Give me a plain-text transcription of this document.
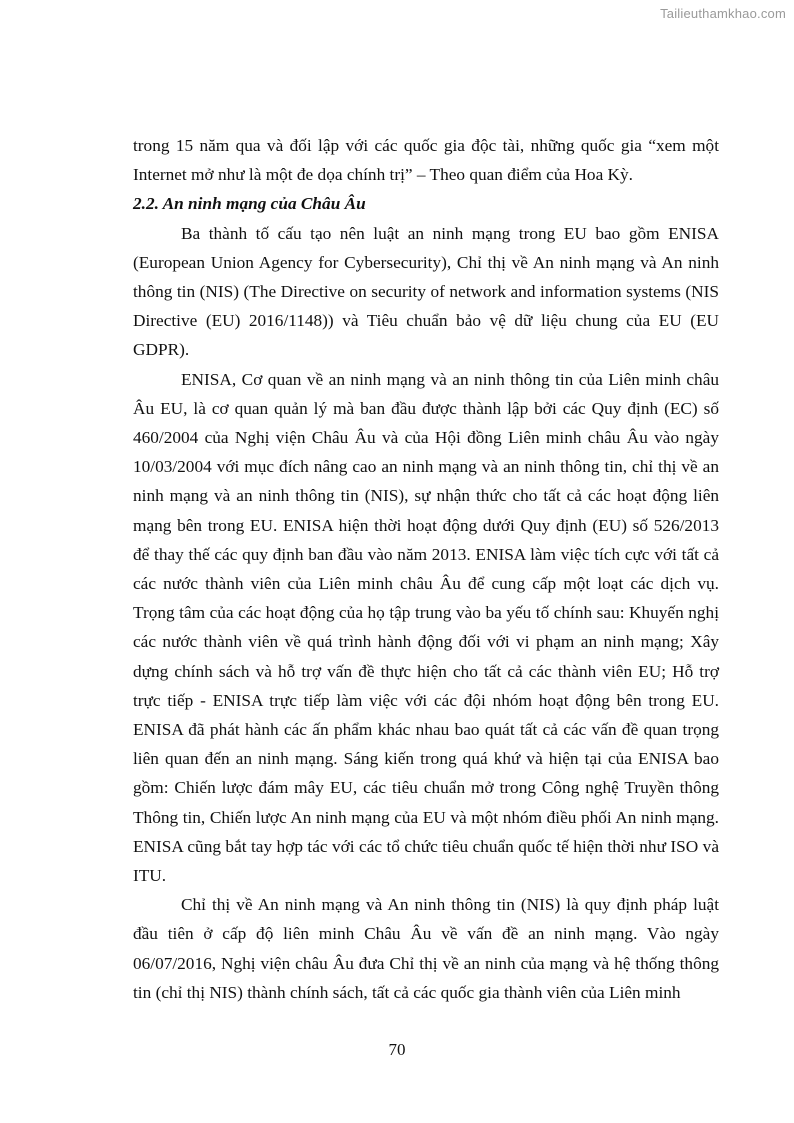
Tailieuthamkhao.com

trong 15 năm qua và đối lập với các quốc gia độc tài, những quốc gia “xem một Internet mở như là một đe dọa chính trị” – Theo quan điểm của Hoa Kỳ.

2.2. An ninh mạng của Châu Âu

Ba thành tố cấu tạo nên luật an ninh mạng trong EU bao gồm ENISA (European Union Agency for Cybersecurity), Chỉ thị về An ninh mạng và An ninh thông tin (NIS) (The Directive on security of network and information systems (NIS Directive (EU) 2016/1148)) và Tiêu chuẩn bảo vệ dữ liệu chung của EU (EU GDPR).

ENISA, Cơ quan về an ninh mạng và an ninh thông tin của Liên minh châu Âu EU, là cơ quan quản lý mà ban đầu được thành lập bởi các Quy định (EC) số 460/2004 của Nghị viện Châu Âu và của Hội đồng Liên minh châu Âu vào ngày 10/03/2004 với mục đích nâng cao an ninh mạng và an ninh thông tin, chỉ thị về an ninh mạng và an ninh thông tin (NIS), sự nhận thức cho tất cả các hoạt động liên mạng bên trong EU. ENISA hiện thời hoạt động dưới Quy định (EU) số 526/2013 để thay thế các quy định ban đầu vào năm 2013. ENISA làm việc tích cực với tất cả các nước thành viên của Liên minh châu Âu để cung cấp một loạt các dịch vụ. Trọng tâm của các hoạt động của họ tập trung vào ba yếu tố chính sau: Khuyến nghị các nước thành viên về quá trình hành động đối với vi phạm an ninh mạng; Xây dựng chính sách và hỗ trợ vấn đề thực hiện cho tất cả các thành viên EU; Hỗ trợ trực tiếp - ENISA trực tiếp làm việc với các đội nhóm hoạt động bên trong EU. ENISA đã phát hành các ấn phẩm khác nhau bao quát tất cả các vấn đề quan trọng liên quan đến an ninh mạng. Sáng kiến trong quá khứ và hiện tại của ENISA bao gồm: Chiến lược đám mây EU, các tiêu chuẩn mở trong Công nghệ Truyền thông Thông tin, Chiến lược An ninh mạng của EU và một nhóm điều phối An ninh mạng. ENISA cũng bắt tay hợp tác với các tổ chức tiêu chuẩn quốc tế hiện thời như ISO và ITU.

Chỉ thị về An ninh mạng và An ninh thông tin (NIS) là quy định pháp luật đầu tiên ở cấp độ liên minh Châu Âu về vấn đề an ninh mạng. Vào ngày 06/07/2016, Nghị viện châu Âu đưa Chỉ thị về an ninh của mạng và hệ thống thông tin (chỉ thị NIS) thành chính sách, tất cả các quốc gia thành viên của Liên minh

70
